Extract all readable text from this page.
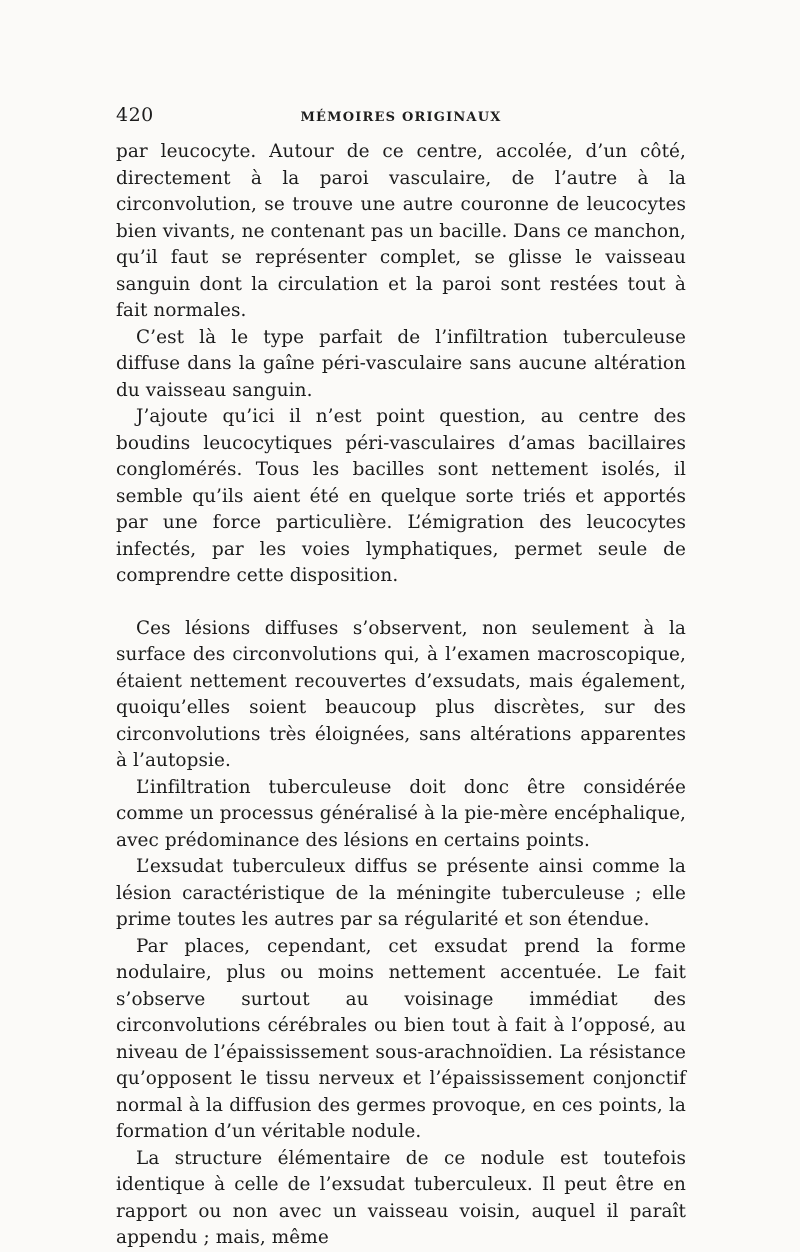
420	MÉMOIRES ORIGINAUX

par leucocyte. Autour de ce centre, accolée, d’un côté, directement à la paroi vasculaire, de l’autre à la circonvolution, se trouve une autre couronne de leucocytes bien vivants, ne contenant pas un bacille. Dans ce manchon, qu’il faut se représenter complet, se glisse le vaisseau sanguin dont la circulation et la paroi sont restées tout à fait normales.

C’est là le type parfait de l’infiltration tuberculeuse diffuse dans la gaîne péri-vasculaire sans aucune altération du vaisseau sanguin.

J’ajoute qu’ici il n’est point question, au centre des boudins leucocytiques péri-vasculaires d’amas bacillaires conglomérés. Tous les bacilles sont nettement isolés, il semble qu’ils aient été en quelque sorte triés et apportés par une force particulière. L’émigration des leucocytes infectés, par les voies lymphatiques, permet seule de comprendre cette disposition.

Ces lésions diffuses s’observent, non seulement à la surface des circonvolutions qui, à l’examen macroscopique, étaient nettement recouvertes d’exsudats, mais également, quoiqu’elles soient beaucoup plus discrètes, sur des circonvolutions très éloignées, sans altérations apparentes à l’autopsie.

L’infiltration tuberculeuse doit donc être considérée comme un processus généralisé à la pie-mère encéphalique, avec prédominance des lésions en certains points.

L’exsudat tuberculeux diffus se présente ainsi comme la lésion caractéristique de la méningite tuberculeuse ; elle prime toutes les autres par sa régularité et son étendue.

Par places, cependant, cet exsudat prend la forme nodulaire, plus ou moins nettement accentuée. Le fait s’observe surtout au voisinage immédiat des circonvolutions cérébrales ou bien tout à fait à l’opposé, au niveau de l’épaississement sous-arachnoïdien. La résistance qu’opposent le tissu nerveux et l’épaississement conjonctif normal à la diffusion des germes provoque, en ces points, la formation d’un véritable nodule.

La structure élémentaire de ce nodule est toutefois identique à celle de l’exsudat tuberculeux. Il peut être en rapport ou non avec un vaisseau voisin, auquel il paraît appendu ; mais, même
